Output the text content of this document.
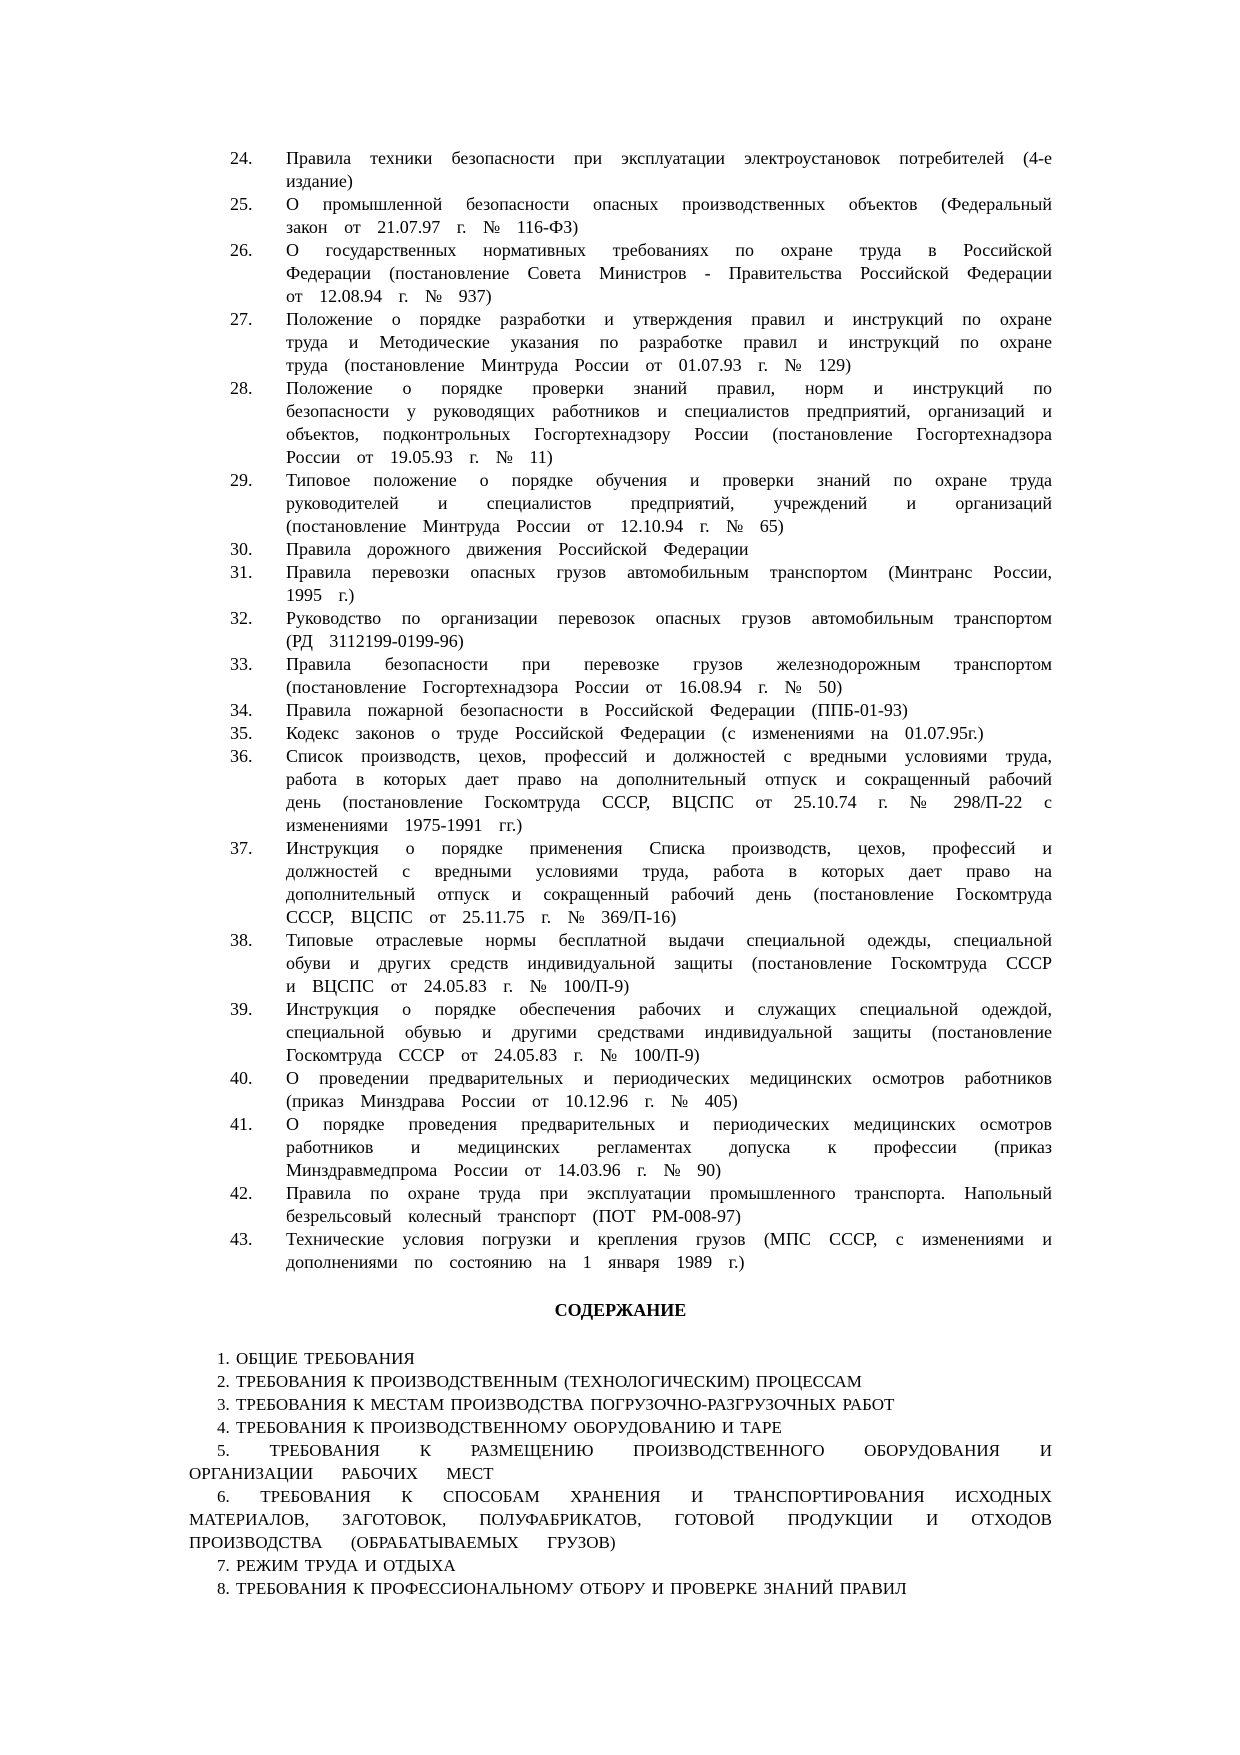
24. Правила техники безопасности при эксплуатации электроустановок потребителей (4-е издание)
25. О промышленной безопасности опасных производственных объектов (Федеральный закон от 21.07.97 г. № 116-ФЗ)
26. О государственных нормативных требованиях по охране труда в Российской Федерации (постановление Совета Министров - Правительства Российской Федерации от 12.08.94 г. № 937)
27. Положение о порядке разработки и утверждения правил и инструкций по охране труда и Методические указания по разработке правил и инструкций по охране труда (постановление Минтруда России от 01.07.93 г. № 129)
28. Положение о порядке проверки знаний правил, норм и инструкций по безопасности у руководящих работников и специалистов предприятий, организаций и объектов, подконтрольных Госгортехнадзору России (постановление Госгортехнадзора России от 19.05.93 г. № 11)
29. Типовое положение о порядке обучения и проверки знаний по охране труда руководителей и специалистов предприятий, учреждений и организаций (постановление Минтруда России от 12.10.94 г. № 65)
30. Правила дорожного движения Российской Федерации
31. Правила перевозки опасных грузов автомобильным транспортом (Минтранс России, 1995 г.)
32. Руководство по организации перевозок опасных грузов автомобильным транспортом (РД 3112199-0199-96)
33. Правила безопасности при перевозке грузов железнодорожным транспортом (постановление Госгортехнадзора России от 16.08.94 г. № 50)
34. Правила пожарной безопасности в Российской Федерации (ППБ-01-93)
35. Кодекс законов о труде Российской Федерации (с изменениями на 01.07.95г.)
36. Список производств, цехов, профессий и должностей с вредными условиями труда, работа в которых дает право на дополнительный отпуск и сокращенный рабочий день (постановление Госкомтруда СССР, ВЦСПС от 25.10.74 г. № 298/П-22 с изменениями 1975-1991 гг.)
37. Инструкция о порядке применения Списка производств, цехов, профессий и должностей с вредными условиями труда, работа в которых дает право на дополнительный отпуск и сокращенный рабочий день (постановление Госкомтруда СССР, ВЦСПС от 25.11.75 г. № 369/П-16)
38. Типовые отраслевые нормы бесплатной выдачи специальной одежды, специальной обуви и других средств индивидуальной защиты (постановление Госкомтруда СССР и ВЦСПС от 24.05.83 г. № 100/П-9)
39. Инструкция о порядке обеспечения рабочих и служащих специальной одеждой, специальной обувью и другими средствами индивидуальной защиты (постановление Госкомтруда СССР от 24.05.83 г. № 100/П-9)
40. О проведении предварительных и периодических медицинских осмотров работников (приказ Минздрава России от 10.12.96 г. № 405)
41. О порядке проведения предварительных и периодических медицинских осмотров работников и медицинских регламентах допуска к профессии (приказ Минздравмедпрома России от 14.03.96 г. № 90)
42. Правила по охране труда при эксплуатации промышленного транспорта. Напольный безрельсовый колесный транспорт (ПОТ РМ-008-97)
43. Технические условия погрузки и крепления грузов (МПС СССР, с изменениями и дополнениями по состоянию на 1 января 1989 г.)
СОДЕРЖАНИЕ

1. ОБЩИЕ ТРЕБОВАНИЯ

2. ТРЕБОВАНИЯ К ПРОИЗВОДСТВЕННЫМ (ТЕХНОЛОГИЧЕСКИМ) ПРОЦЕССАМ

3. ТРЕБОВАНИЯ К МЕСТАМ ПРОИЗВОДСТВА ПОГРУЗОЧНО-РАЗГРУЗОЧНЫХ РАБОТ

4. ТРЕБОВАНИЯ К ПРОИЗВОДСТВЕННОМУ ОБОРУДОВАНИЮ И ТАРЕ

5. ТРЕБОВАНИЯ К РАЗМЕЩЕНИЮ ПРОИЗВОДСТВЕННОГО ОБОРУДОВАНИЯ И ОРГАНИЗАЦИИ РАБОЧИХ МЕСТ

6. ТРЕБОВАНИЯ К СПОСОБАМ ХРАНЕНИЯ И ТРАНСПОРТИРОВАНИЯ ИСХОДНЫХ МАТЕРИАЛОВ, ЗАГОТОВОК, ПОЛУФАБРИКАТОВ, ГОТОВОЙ ПРОДУКЦИИ И ОТХОДОВ ПРОИЗВОДСТВА (ОБРАБАТЫВАЕМЫХ ГРУЗОВ)

7. РЕЖИМ ТРУДА И ОТДЫХА

8. ТРЕБОВАНИЯ К ПРОФЕССИОНАЛЬНОМУ ОТБОРУ И ПРОВЕРКЕ ЗНАНИЙ ПРАВИЛ
